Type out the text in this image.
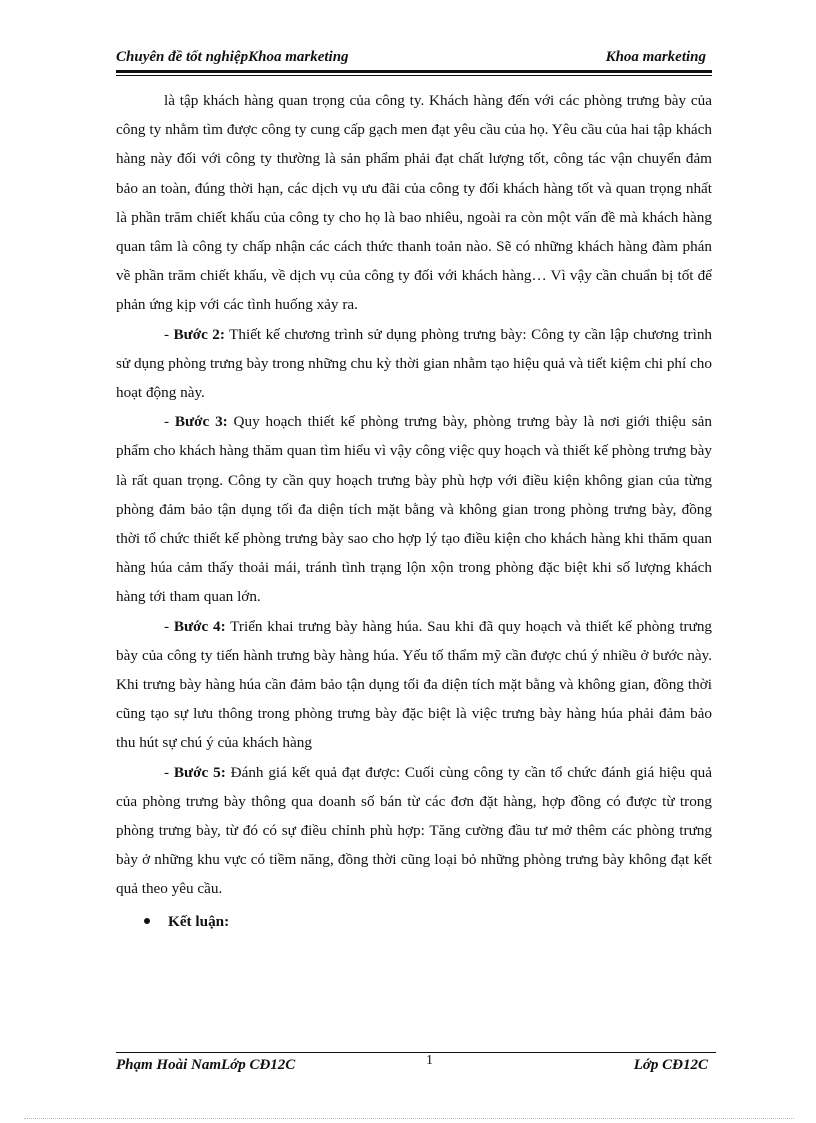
Chuyên đề tốt nghiệpKhoa marketing	Khoa marketing

là tập khách hàng quan trọng của công ty. Khách hàng đến với các phòng trưng bày của công ty nhằm tìm được công ty cung cấp gạch men đạt yêu cầu của họ. Yêu cầu của hai tập khách hàng này đối với công ty thường là sản phẩm phải đạt chất lượng tốt, công tác vận chuyển đảm bảo an toàn, đúng thời hạn, các dịch vụ ưu đãi của công ty đối khách hàng tốt và quan trọng nhất là phần trăm chiết khấu của công ty cho họ là bao nhiêu, ngoài ra còn một vấn đề mà khách hàng quan tâm là công ty chấp nhận các cách thức thanh toản nào. Sẽ có những khách hàng đàm phán về phần trăm chiết khấu, về dịch vụ của công ty đối với khách hàng… Vì vậy cần chuẩn bị tốt để phản ứng kịp với các tình huống xảy ra.

- Bước 2: Thiết kế chương trình sử dụng phòng trưng bày: Công ty cần lập chương trình sử dụng phòng trưng bày trong những chu kỳ thời gian nhằm tạo hiệu quả và tiết kiệm chi phí cho hoạt động này.

- Bước 3: Quy hoạch thiết kế phòng trưng bày, phòng trưng bày là nơi giới thiệu sản phẩm cho khách hàng thăm quan tìm hiểu vì vậy công việc quy hoạch và thiết kế phòng trưng bày là rất quan trọng. Công ty cần quy hoạch trưng bày phù hợp với điều kiện không gian của từng phòng đảm bảo tận dụng tối đa diện tích mặt bằng và không gian trong phòng trưng bày, đồng thời tổ chức thiết kế phòng trưng bày sao cho hợp lý tạo điều kiện cho khách hàng khi thăm quan hàng húa cảm thấy thoải mái, tránh tình trạng lộn xộn trong phòng đặc biệt khi số lượng khách hàng tới tham quan lớn.

- Bước 4: Triển khai trưng bày hàng húa. Sau khi đã quy hoạch và thiết kế phòng trưng bày của công ty tiến hành trưng bày hàng húa. Yếu tố thẩm mỹ cần được chú ý nhiều ở bước này. Khi trưng bày hàng húa cần đảm bảo tận dụng tối đa diện tích mặt bằng và không gian, đồng thời cũng tạo sự lưu thông trong phòng trưng bày đặc biệt là việc trưng bày hàng húa phải đảm bảo thu hút sự chú ý của khách hàng

- Bước 5: Đánh giá kết quả đạt được: Cuối cùng công ty cần tổ chức đánh giá hiệu quả của phòng trưng bày thông qua doanh số bán từ các đơn đặt hàng, hợp đồng có được từ trong phòng trưng bày, từ đó có sự điều chỉnh phù hợp: Tăng cường đầu tư mở thêm các phòng trưng bày ở những khu vực có tiềm năng, đồng thời cũng loại bỏ những phòng trưng bày không đạt kết quả theo yêu cầu.

Kết luận:
Phạm Hoài NamLớp CĐ12C	1	Lớp CĐ12C
